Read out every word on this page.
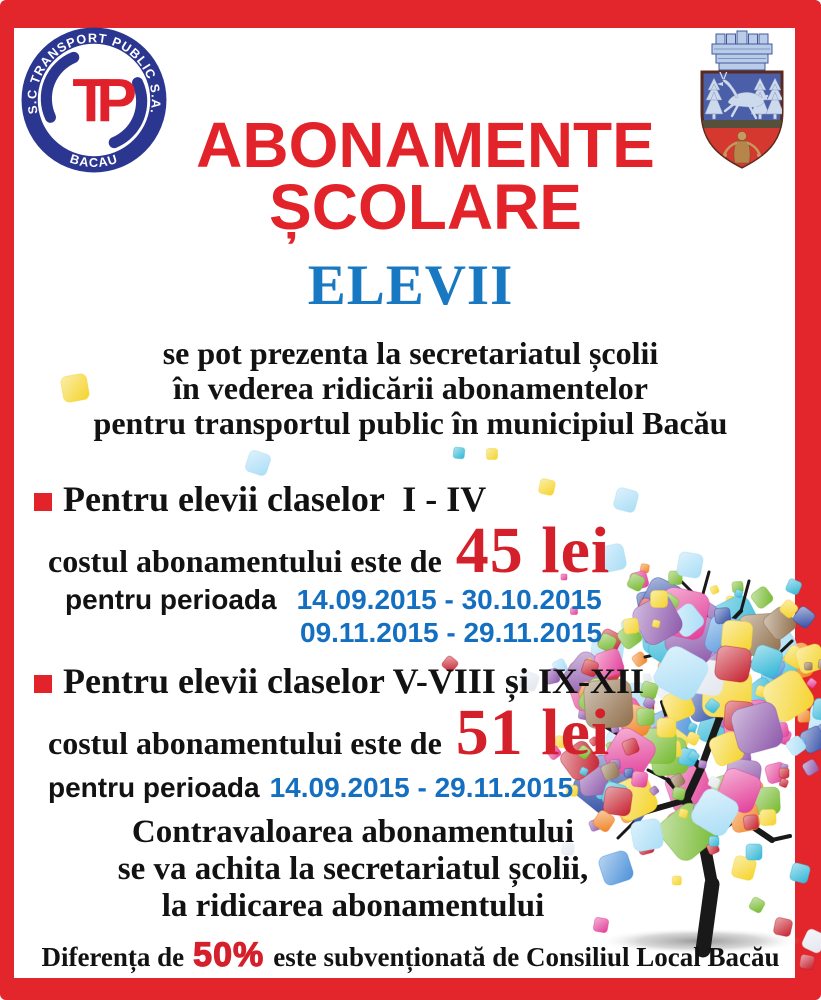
TP
S.C TRANSPORT PUBLIC S.A.
BACAU	ABONAMENTE
ȘCOLARE
ELEVII
se pot prezenta la secretariatul școlii
în vederea ridicării abonamentelor
pentru transportul public în municipiul Bacău
Pentru elevii claselor  I - IV
costul abonamentului este de 45 lei
pentru perioada 14.09.2015 - 30.10.2015
09.11.2015 - 29.11.2015
Pentru elevii claselor V-VIII și IX-XII
costul abonamentului este de 51 lei
pentru perioada 14.09.2015 - 29.11.2015
Contravaloarea abonamentului
se va achita la secretariatul școlii,
la ridicarea abonamentului
Diferența de 50% este subvenționată de Consiliul Local Bacău
